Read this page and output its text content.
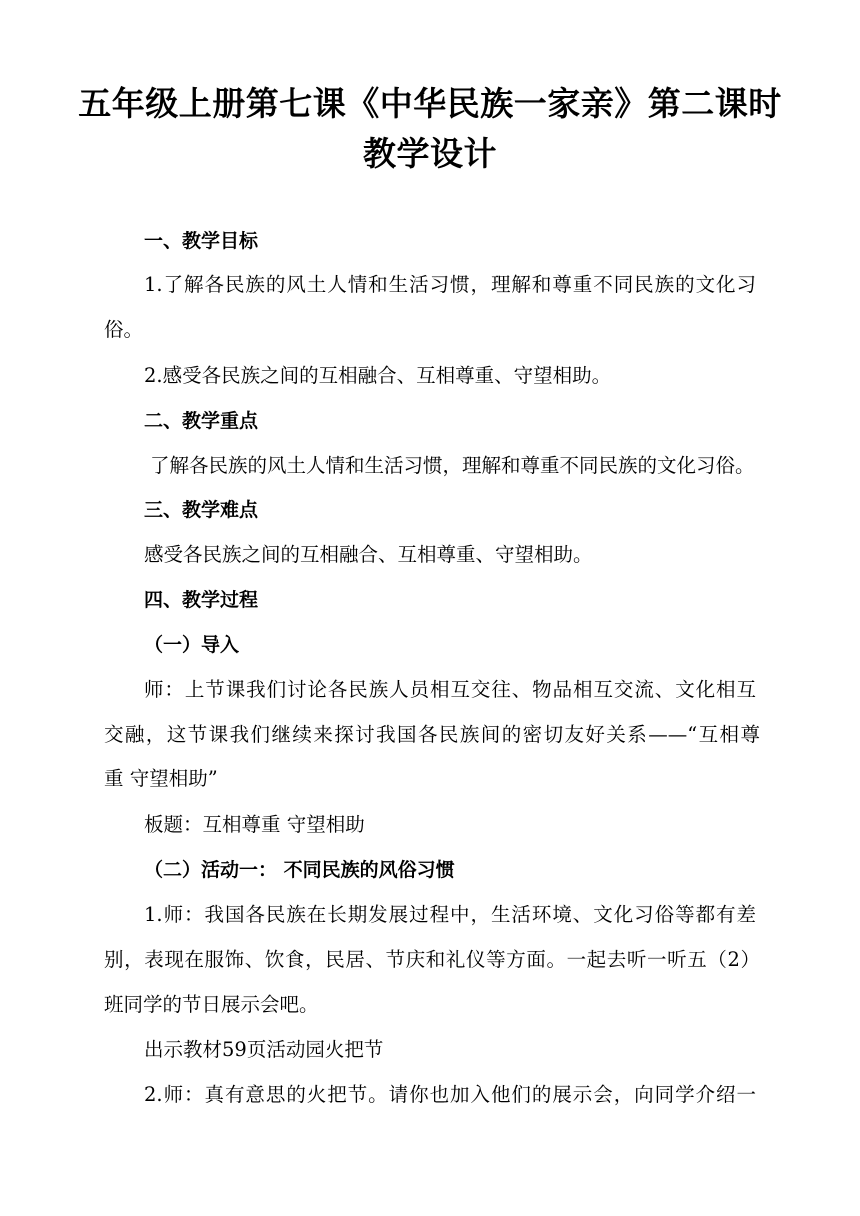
五年级上册第七课《中华民族一家亲》第二课时
教学设计
一、教学目标
1.了解各民族的风土人情和生活习惯，理解和尊重不同民族的文化习
俗。
2.感受各民族之间的互相融合、互相尊重、守望相助。
二、教学重点
了解各民族的风土人情和生活习惯，理解和尊重不同民族的文化习俗。
三、教学难点
感受各民族之间的互相融合、互相尊重、守望相助。
四、教学过程
（一）导入
师：上节课我们讨论各民族人员相互交往、物品相互交流、文化相互
交融，这节课我们继续来探讨我国各民族间的密切友好关系——“互相尊
重 守望相助”
板题：互相尊重 守望相助
（二）活动一： 不同民族的风俗习惯
1.师：我国各民族在长期发展过程中，生活环境、文化习俗等都有差
别，表现在服饰、饮食，民居、节庆和礼仪等方面。一起去听一听五（2）
班同学的节日展示会吧。
出示教材59页活动园火把节
2.师：真有意思的火把节。请你也加入他们的展示会，向同学介绍一
